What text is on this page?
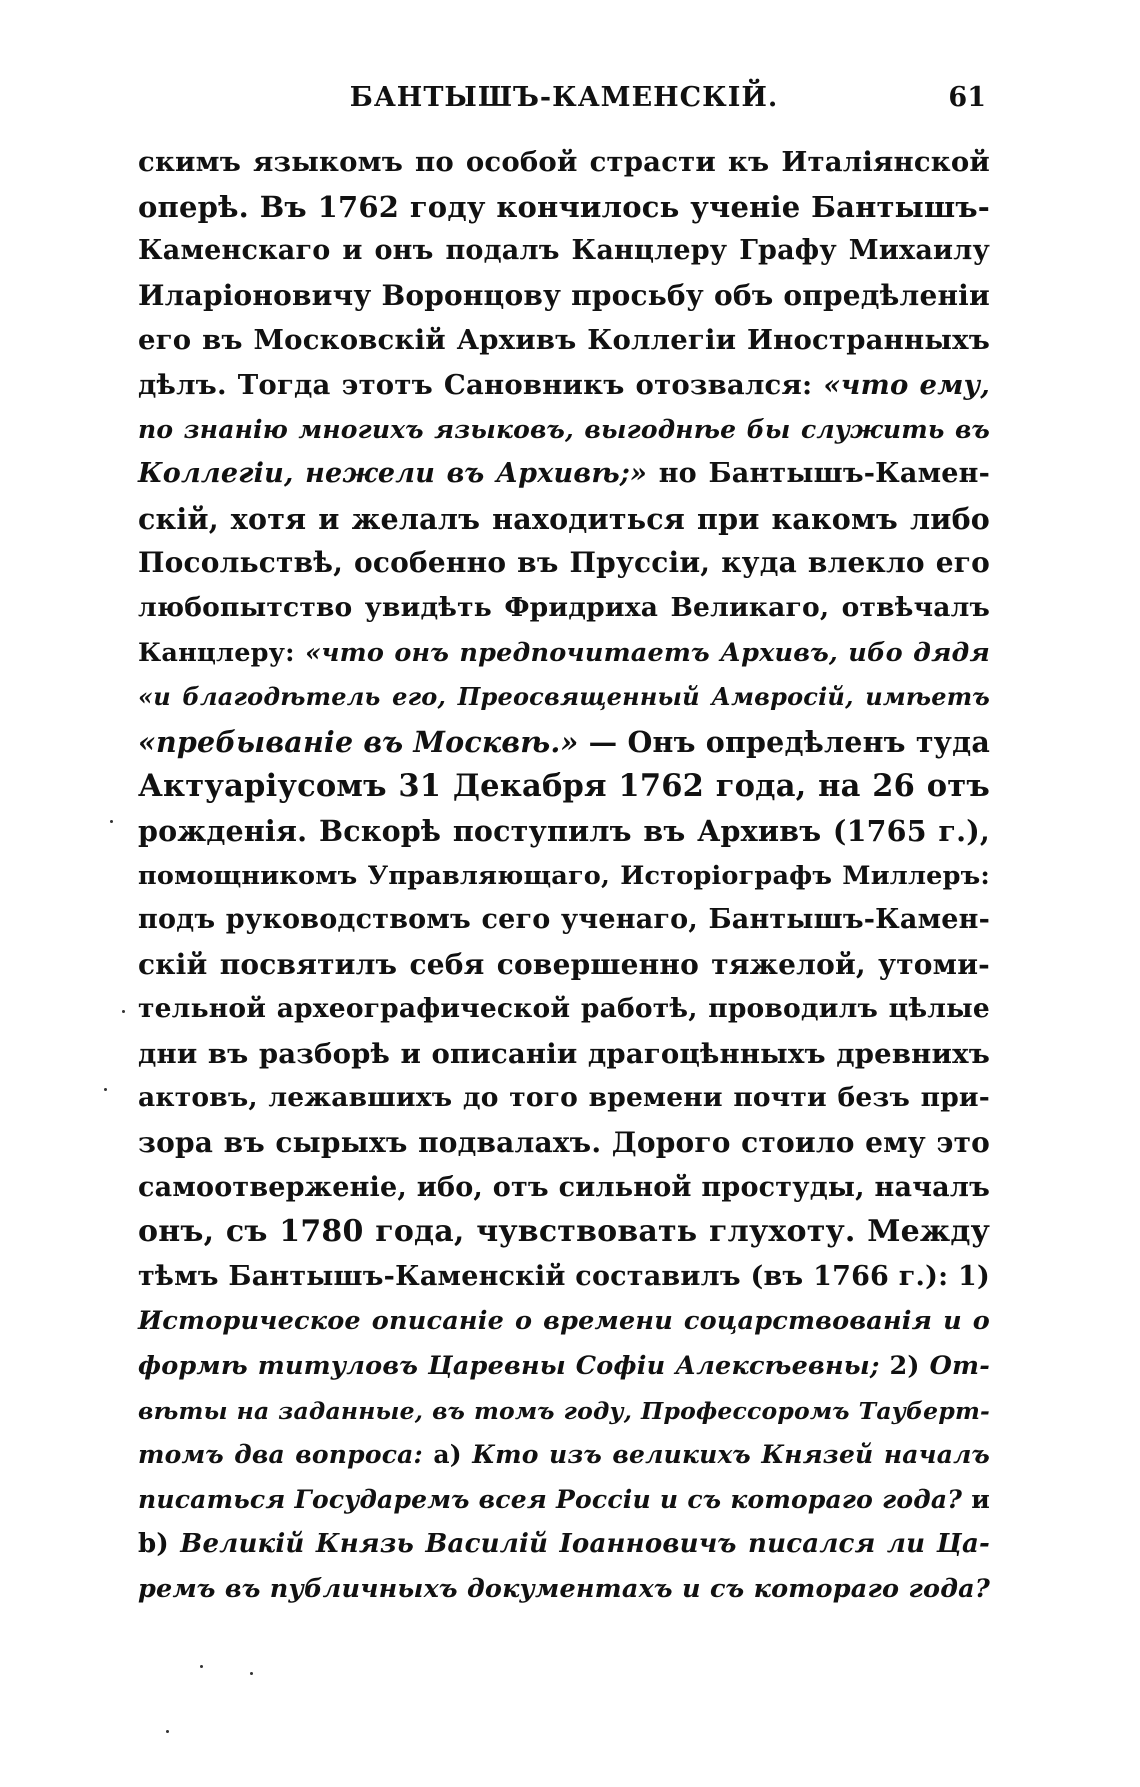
БАНТЫШЪ-КАМЕНСКІЙ.	61
скимъ языкомъ по особой страсти къ Италіянской
оперѣ. Въ 1762 году кончилось ученіе Бантышъ-
Каменскаго и онъ подалъ Канцлеру Графу Михаилу
Иларіоновичу Воронцову просьбу объ опредѣленіи
его въ Московскій Архивъ Коллегіи Иностранныхъ
дѣлъ. Тогда этотъ Сановникъ отозвался: «что ему,
по знанію многихъ языковъ, выгоднѣе бы служить въ
Коллегіи, нежели въ Архивѣ;» но Бантышъ-Камен-
скій, хотя и желалъ находиться при какомъ либо
Посольствѣ, особенно въ Пруссіи, куда влекло его
любопытство увидѣть Фридриха Великаго, отвѣчалъ
Канцлеру: «что онъ предпочитаетъ Архивъ, ибо дядя
«и благодѣтель его, Преосвященный Амвросій, имѣетъ
«пребываніе въ Москвѣ.» — Онъ опредѣленъ туда
Актуаріусомъ 31 Декабря 1762 года, на 26 отъ
рожденія. Вскорѣ поступилъ въ Архивъ (1765 г.),
помощникомъ Управляющаго, Исторіографъ Миллеръ:
подъ руководствомъ сего ученаго, Бантышъ-Камен-
скій посвятилъ себя совершенно тяжелой, утоми-
тельной археографической работѣ, проводилъ цѣлые
дни въ разборѣ и описаніи драгоцѣнныхъ древнихъ
актовъ, лежавшихъ до того времени почти безъ при-
зора въ сырыхъ подвалахъ. Дорого стоило ему это
самоотверженіе, ибо, отъ сильной простуды, началъ
онъ, съ 1780 года, чувствовать глухоту. Между
тѣмъ Бантышъ-Каменскій составилъ (въ 1766 г.): 1)
Историческое описаніе о времени соцарствованія и о
формѣ титуловъ Царевны Софіи Алексѣевны; 2) От-
вѣты на заданные, въ томъ году, Профессоромъ Тауберт-
томъ два вопроса: a) Кто изъ великихъ Князей началъ
писаться Государемъ всея Россіи и съ котораго года? и
b) Великій Князь Василій Іоанновичъ писался ли Ца-
ремъ въ публичныхъ документахъ и съ котораго года?
